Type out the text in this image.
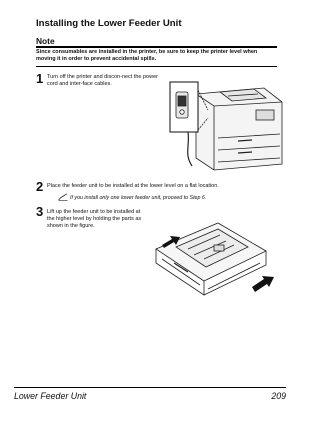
Installing the Lower Feeder Unit
Note
Since consumables are installed in the printer, be sure to keep the printer level when moving it in order to prevent accidental spills.
1 Turn off the printer and discon-nect the power cord and inter-face cables.
2 Place the feeder unit to be installed at the lower level on a flat location.
If you install only one lower feeder unit, proceed to Step 6.
3 Lift up the feeder unit to be installed at the higher level by holding the parts as shown in the figure.
Lower Feeder Unit	209
